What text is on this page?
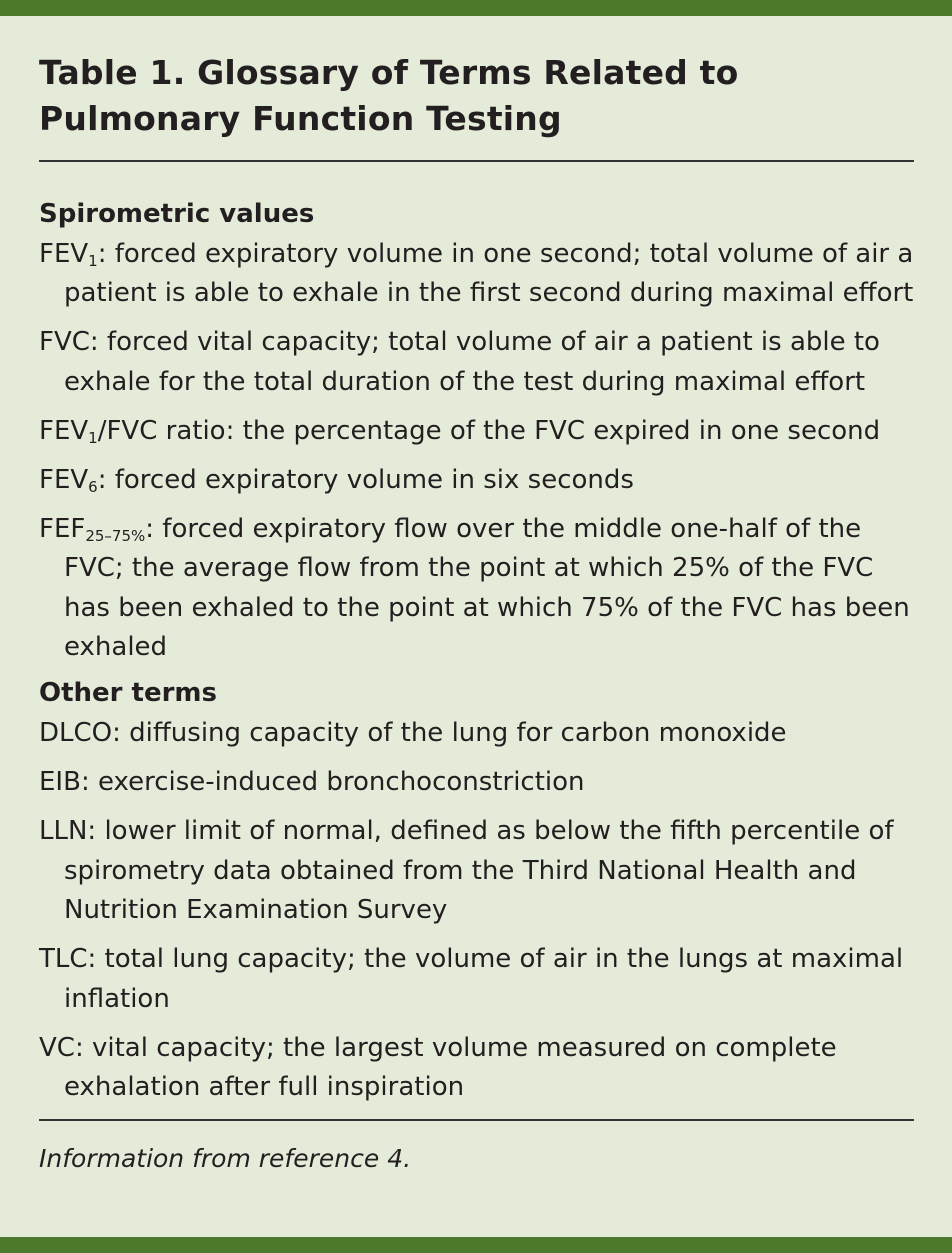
Table 1. Glossary of Terms Related to Pulmonary Function Testing
Spirometric values
$FEV_1$: forced expiratory volume in one second; total volume of air a patient is able to exhale in the first second during maximal effort
FVC: forced vital capacity; total volume of air a patient is able to exhale for the total duration of the test during maximal effort
$FEV_1$/FVC ratio: the percentage of the FVC expired in one second
$FEV_6$: forced expiratory volume in six seconds
$FEF_{25-75\%}$: forced expiratory flow over the middle one-half of the FVC; the average flow from the point at which 25% of the FVC has been exhaled to the point at which 75% of the FVC has been exhaled
Other terms
DLCO: diffusing capacity of the lung for carbon monoxide
EIB: exercise-induced bronchoconstriction
LLN: lower limit of normal, defined as below the fifth percentile of spirometry data obtained from the Third National Health and Nutrition Examination Survey
TLC: total lung capacity; the volume of air in the lungs at maximal inflation
VC: vital capacity; the largest volume measured on complete exhalation after full inspiration

Information from reference 4.
